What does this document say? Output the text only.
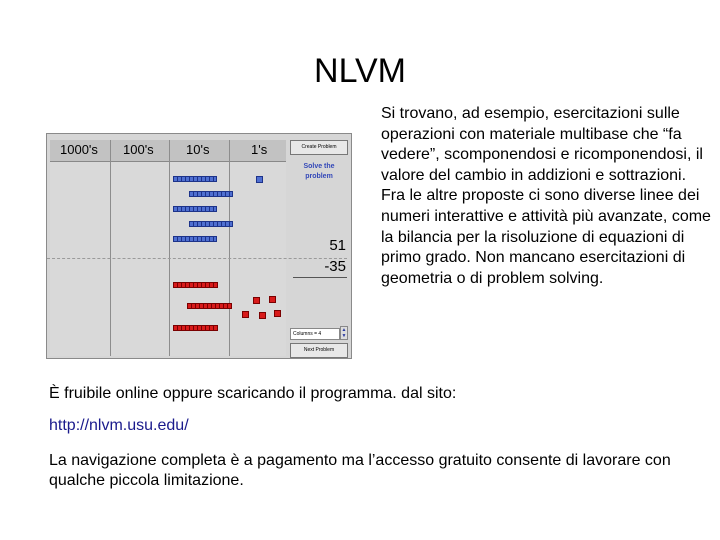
NLVM
1000's 100's 10's	1's	Create Problem
Solve the
problem
51
-35
Columns = 4
▲
▼
Next Problem

Si trovano, ad esempio, esercitazioni sulle operazioni con materiale multibase che “fa vedere”, scomponendosi e ricomponendosi, il valore del cambio in addizioni e sottrazioni. Fra le altre proposte ci sono diverse linee dei numeri interattive e attività più avanzate, come la bilancia per la risoluzione di equazioni di primo grado. Non mancano esercitazioni di geometria o di problem solving.

È fruibile online oppure scaricando il programma. dal sito:

http://nlvm.usu.edu/

La navigazione completa è a pagamento ma l’accesso gratuito consente di lavorare con qualche piccola limitazione.
